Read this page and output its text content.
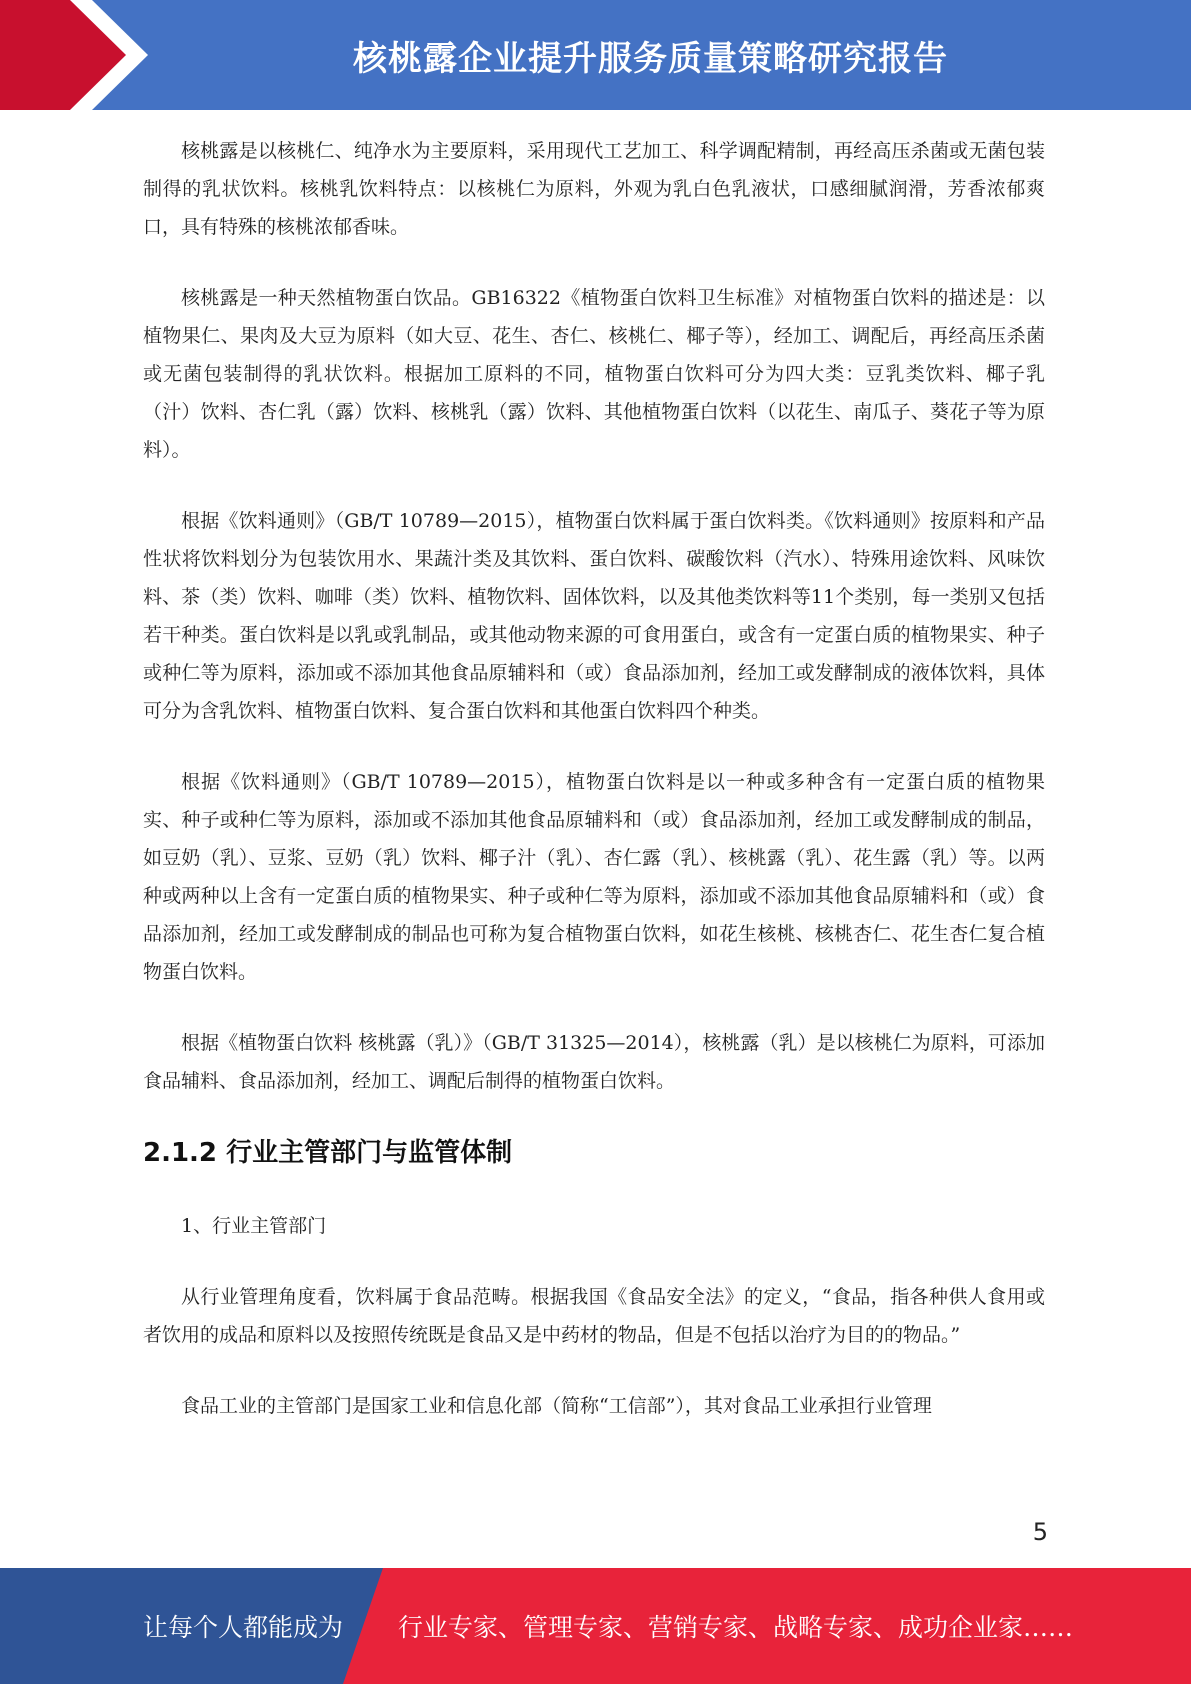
核桃露企业提升服务质量策略研究报告

核桃露是以核桃仁、纯净水为主要原料，采用现代工艺加工、科学调配精制，再经高压杀菌或无菌包装制得的乳状饮料。核桃乳饮料特点：以核桃仁为原料，外观为乳白色乳液状，口感细腻润滑，芳香浓郁爽口，具有特殊的核桃浓郁香味。

核桃露是一种天然植物蛋白饮品。GB16322《植物蛋白饮料卫生标准》对植物蛋白饮料的描述是：以植物果仁、果肉及大豆为原料（如大豆、花生、杏仁、核桃仁、椰子等），经加工、调配后，再经高压杀菌或无菌包装制得的乳状饮料。根据加工原料的不同，植物蛋白饮料可分为四大类：豆乳类饮料、椰子乳（汁）饮料、杏仁乳（露）饮料、核桃乳（露）饮料、其他植物蛋白饮料（以花生、南瓜子、葵花子等为原料）。

根据《饮料通则》（GB/T 10789—2015），植物蛋白饮料属于蛋白饮料类。《饮料通则》按原料和产品性状将饮料划分为包装饮用水、果蔬汁类及其饮料、蛋白饮料、碳酸饮料（汽水）、特殊用途饮料、风味饮料、茶（类）饮料、咖啡（类）饮料、植物饮料、固体饮料，以及其他类饮料等11个类别，每一类别又包括若干种类。蛋白饮料是以乳或乳制品，或其他动物来源的可食用蛋白，或含有一定蛋白质的植物果实、种子或种仁等为原料，添加或不添加其他食品原辅料和（或）食品添加剂，经加工或发酵制成的液体饮料，具体可分为含乳饮料、植物蛋白饮料、复合蛋白饮料和其他蛋白饮料四个种类。

根据《饮料通则》（GB/T 10789—2015），植物蛋白饮料是以一种或多种含有一定蛋白质的植物果实、种子或种仁等为原料，添加或不添加其他食品原辅料和（或）食品添加剂，经加工或发酵制成的制品，如豆奶（乳）、豆浆、豆奶（乳）饮料、椰子汁（乳）、杏仁露（乳）、核桃露（乳）、花生露（乳）等。以两种或两种以上含有一定蛋白质的植物果实、种子或种仁等为原料，添加或不添加其他食品原辅料和（或）食品添加剂，经加工或发酵制成的制品也可称为复合植物蛋白饮料，如花生核桃、核桃杏仁、花生杏仁复合植物蛋白饮料。

根据《植物蛋白饮料 核桃露（乳）》（GB/T 31325—2014），核桃露（乳）是以核桃仁为原料，可添加食品辅料、食品添加剂，经加工、调配后制得的植物蛋白饮料。

2.1.2 行业主管部门与监管体制
1、行业主管部门

从行业管理角度看，饮料属于食品范畴。根据我国《食品安全法》的定义，“食品，指各种供人食用或者饮用的成品和原料以及按照传统既是食品又是中药材的物品，但是不包括以治疗为目的的物品。”

食品工业的主管部门是国家工业和信息化部（简称“工信部”），其对食品工业承担行业管理

5
让每个人都能成为 行业专家、管理专家、营销专家、战略专家、成功企业家……
